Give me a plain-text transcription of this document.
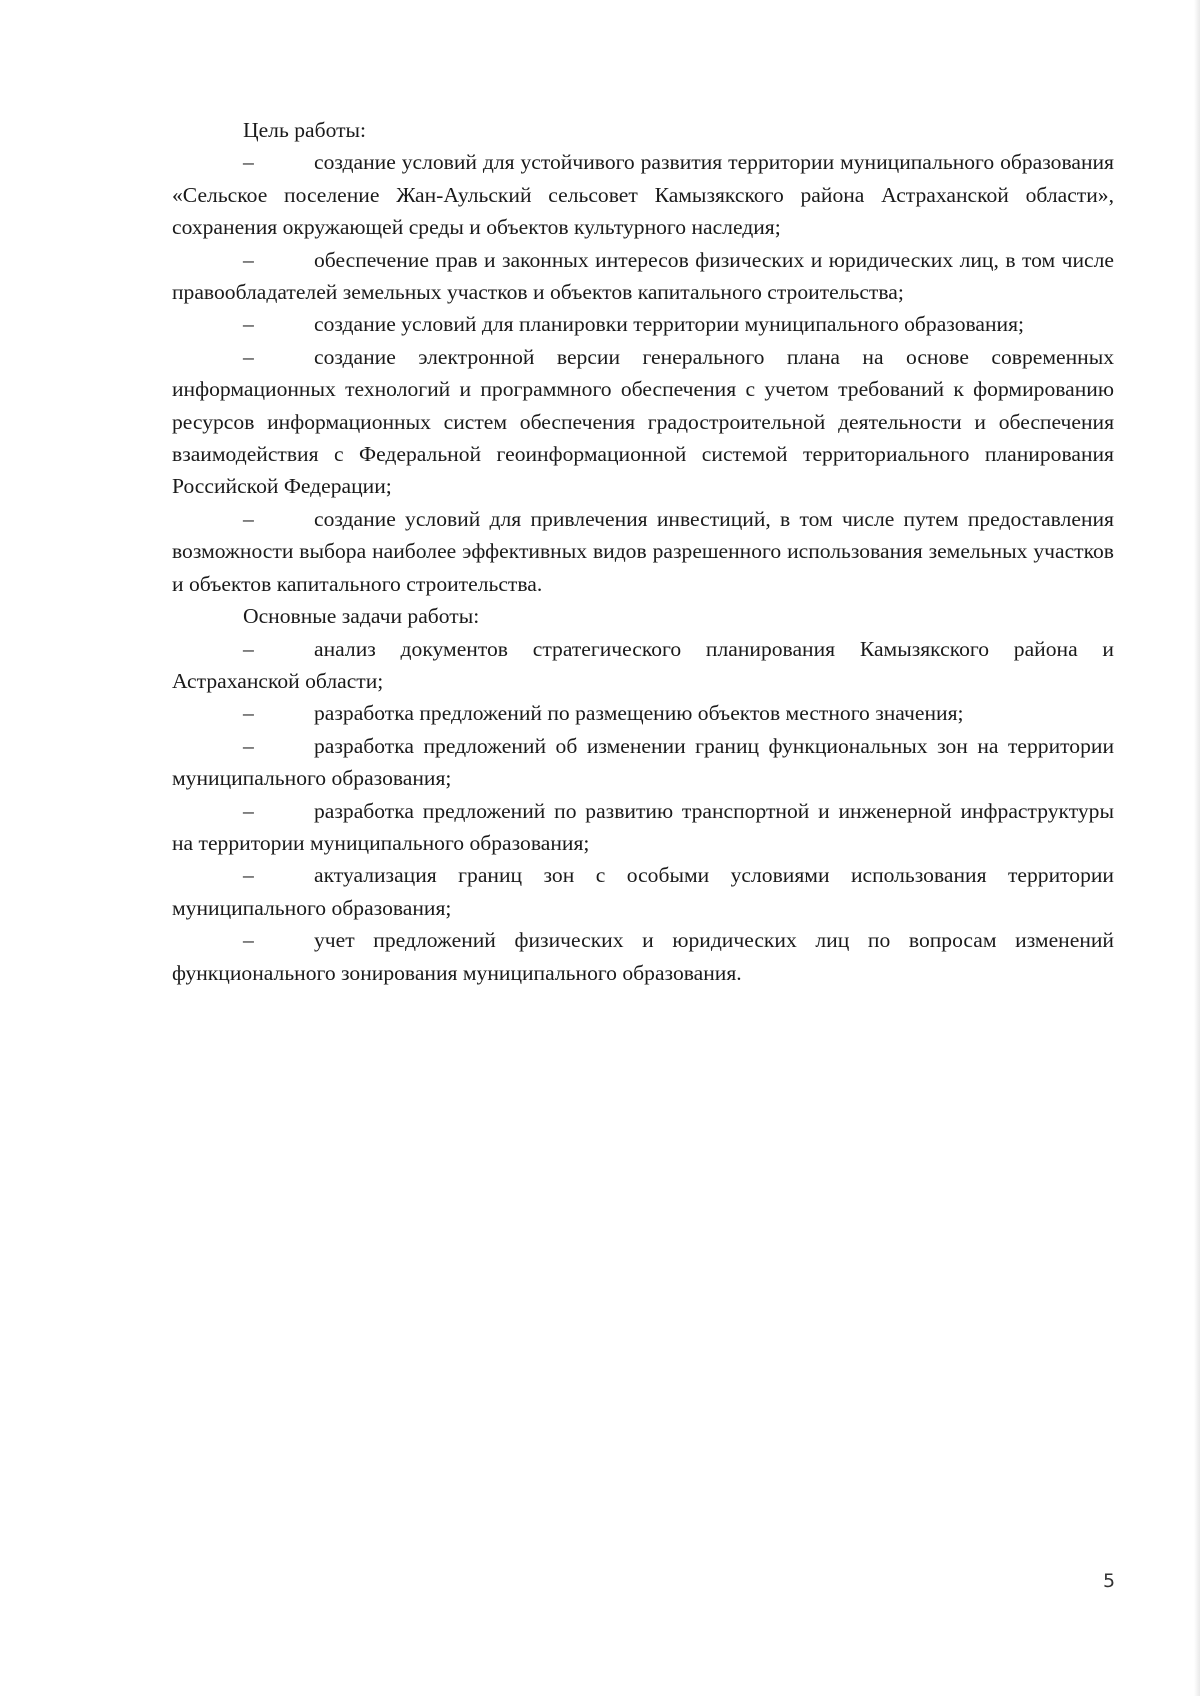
Цель работы:

–	создание условий для устойчивого развития территории муниципального образования «Сельское поселение Жан-Аульский сельсовет Камызякского района Астраханской области», сохранения окружающей среды и объектов культурного наследия;

–	обеспечение прав и законных интересов физических и юридических лиц, в том числе правообладателей земельных участков и объектов капитального строительства;

–	создание условий для планировки территории муниципального образования;

–	создание электронной версии генерального плана на основе современных информационных технологий и программного обеспечения с учетом требований к формированию ресурсов информационных систем обеспечения градостроительной деятельности и обеспечения взаимодействия с Федеральной геоинформационной системой территориального планирования Российской Федерации;

–	создание условий для привлечения инвестиций, в том числе путем предоставления возможности выбора наиболее эффективных видов разрешенного использования земельных участков и объектов капитального строительства.

Основные задачи работы:

–	анализ документов стратегического планирования Камызякского района и Астраханской области;

–	разработка предложений по размещению объектов местного значения;

–	разработка предложений об изменении границ функциональных зон на территории муниципального образования;

–	разработка предложений по развитию транспортной и инженерной инфраструктуры на территории муниципального образования;

–	актуализация границ зон с особыми условиями использования территории муниципального образования;

–	учет предложений физических и юридических лиц по вопросам изменений функционального зонирования муниципального образования.

5
